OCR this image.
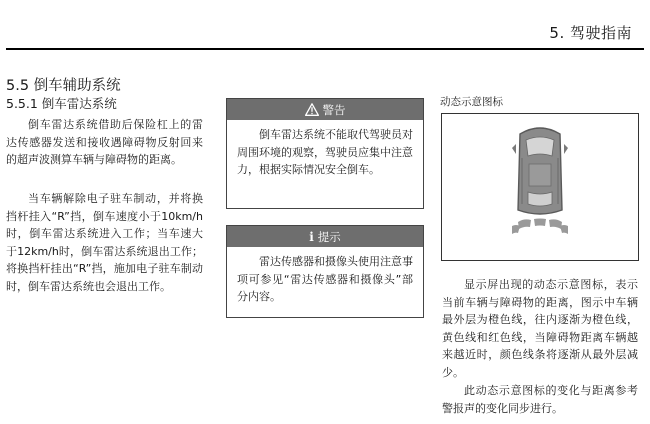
5. 驾驶指南
5.5 倒车辅助系统
5.5.1 倒车雷达系统

倒车雷达系统借助后保险杠上的雷达传感器发送和接收遇障碍物反射回来的超声波测算车辆与障碍物的距离。

当车辆解除电子驻车制动，并将换挡杆挂入“R”挡，倒车速度小于10km/h时，倒车雷达系统进入工作；当车速大于12km/h时，倒车雷达系统退出工作；将换挡杆挂出“R”挡，施加电子驻车制动时，倒车雷达系统也会退出工作。

警告

倒车雷达系统不能取代驾驶员对周围环境的观察，驾驶员应集中注意力，根据实际情况安全倒车。

i 提示

雷达传感器和摄像头使用注意事项可参见“雷达传感器和摄像头”部分内容。

动态示意图标

显示屏出现的动态示意图标，表示当前车辆与障碍物的距离，图示中车辆最外层为橙色线，往内逐渐为橙色线，黄色线和红色线，当障碍物距离车辆越来越近时，颜色线条将逐渐从最外层减少。

此动态示意图标的变化与距离参考警报声的变化同步进行。
